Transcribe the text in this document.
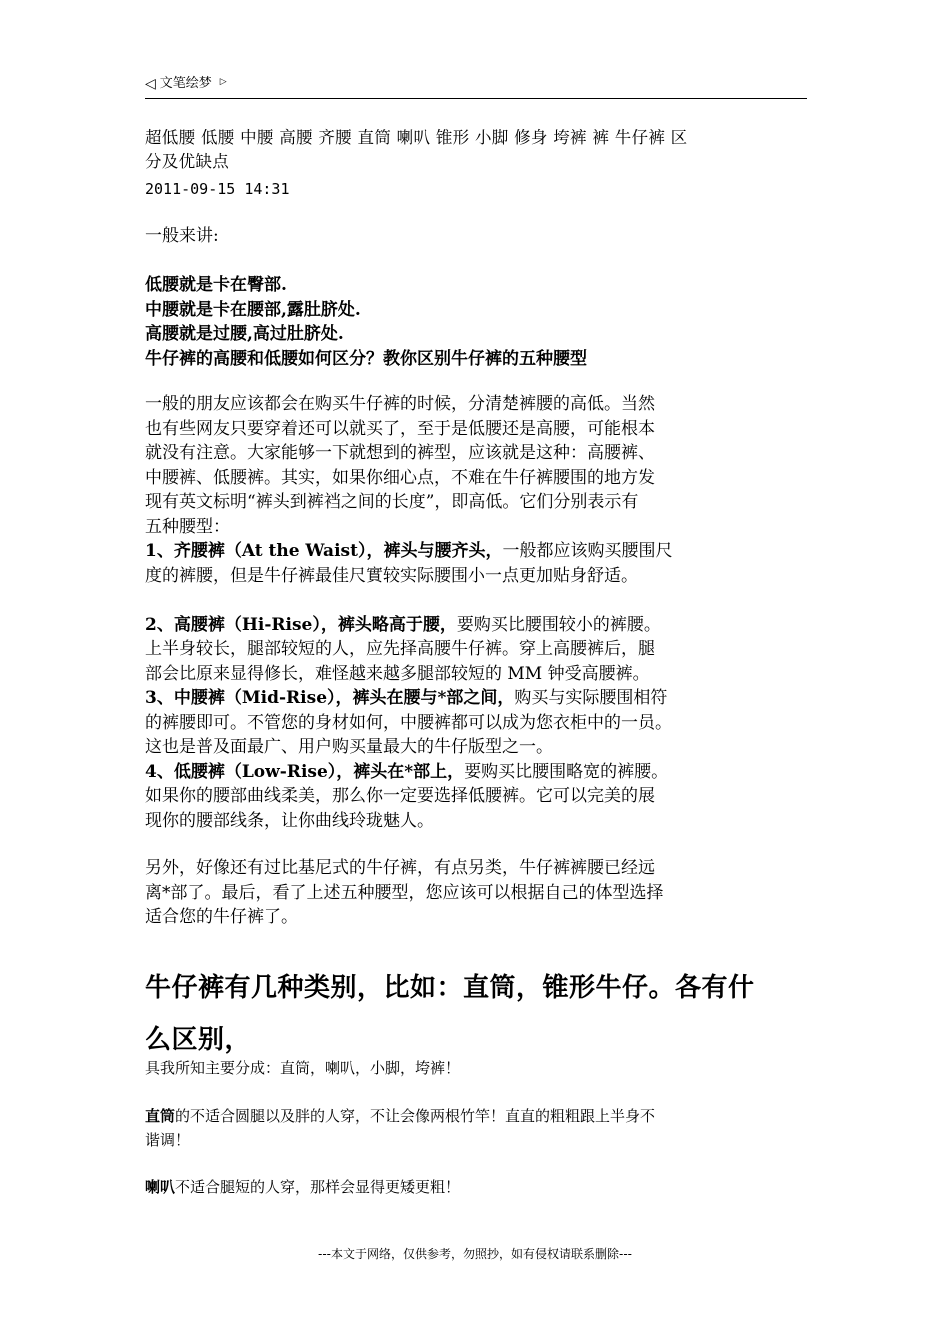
◁ 文笔绘梦 ▷
超低腰 低腰 中腰 高腰 齐腰 直筒 喇叭 锥形 小脚 修身 垮裤 裤 牛仔裤 区
分及优缺点
2011-09-15 14:31
一般来讲:
低腰就是卡在臀部.
中腰就是卡在腰部,露肚脐处.
高腰就是过腰,高过肚脐处.
牛仔裤的高腰和低腰如何区分？教你区别牛仔裤的五种腰型
一般的朋友应该都会在购买牛仔裤的时候，分清楚裤腰的高低。当然
也有些网友只要穿着还可以就买了，至于是低腰还是高腰，可能根本
就没有注意。大家能够一下就想到的裤型，应该就是这种：高腰裤、
中腰裤、低腰裤。其实，如果你细心点，不难在牛仔裤腰围的地方发
现有英文标明“裤头到裤裆之间的长度”，即高低。它们分别表示有
五种腰型：
1、齐腰裤（At the Waist），裤头与腰齐头，一般都应该购买腰围尺
度的裤腰，但是牛仔裤最佳尺實较实际腰围小一点更加贴身舒适。

2、高腰裤（Hi-Rise），裤头略高于腰，要购买比腰围较小的裤腰。
上半身较长，腿部较短的人，应先择高腰牛仔裤。穿上高腰裤后，腿
部会比原来显得修长，难怪越来越多腿部较短的 MM 钟受高腰裤。
3、中腰裤（Mid-Rise），裤头在腰与*部之间，购买与实际腰围相符
的裤腰即可。不管您的身材如何，中腰裤都可以成为您衣柜中的一员。
这也是普及面最广、用户购买量最大的牛仔版型之一。
4、低腰裤（Low-Rise），裤头在*部上，要购买比腰围略宽的裤腰。
如果你的腰部曲线柔美，那么你一定要选择低腰裤。它可以完美的展
现你的腰部线条，让你曲线玲珑魅人。
另外，好像还有过比基尼式的牛仔裤，有点另类，牛仔裤裤腰已经远
离*部了。最后，看了上述五种腰型，您应该可以根据自己的体型选择
适合您的牛仔裤了。
牛仔裤有几种类别，比如：直筒，锥形牛仔。各有什
么区别，
具我所知主要分成：直筒，喇叭，小脚，垮裤！
直筒的不适合圆腿以及胖的人穿，不让会像两根竹竿！直直的粗粗跟上半身不
谐调！
喇叭不适合腿短的人穿，那样会显得更矮更粗！
---本文于网络，仅供参考，勿照抄，如有侵权请联系删除---
